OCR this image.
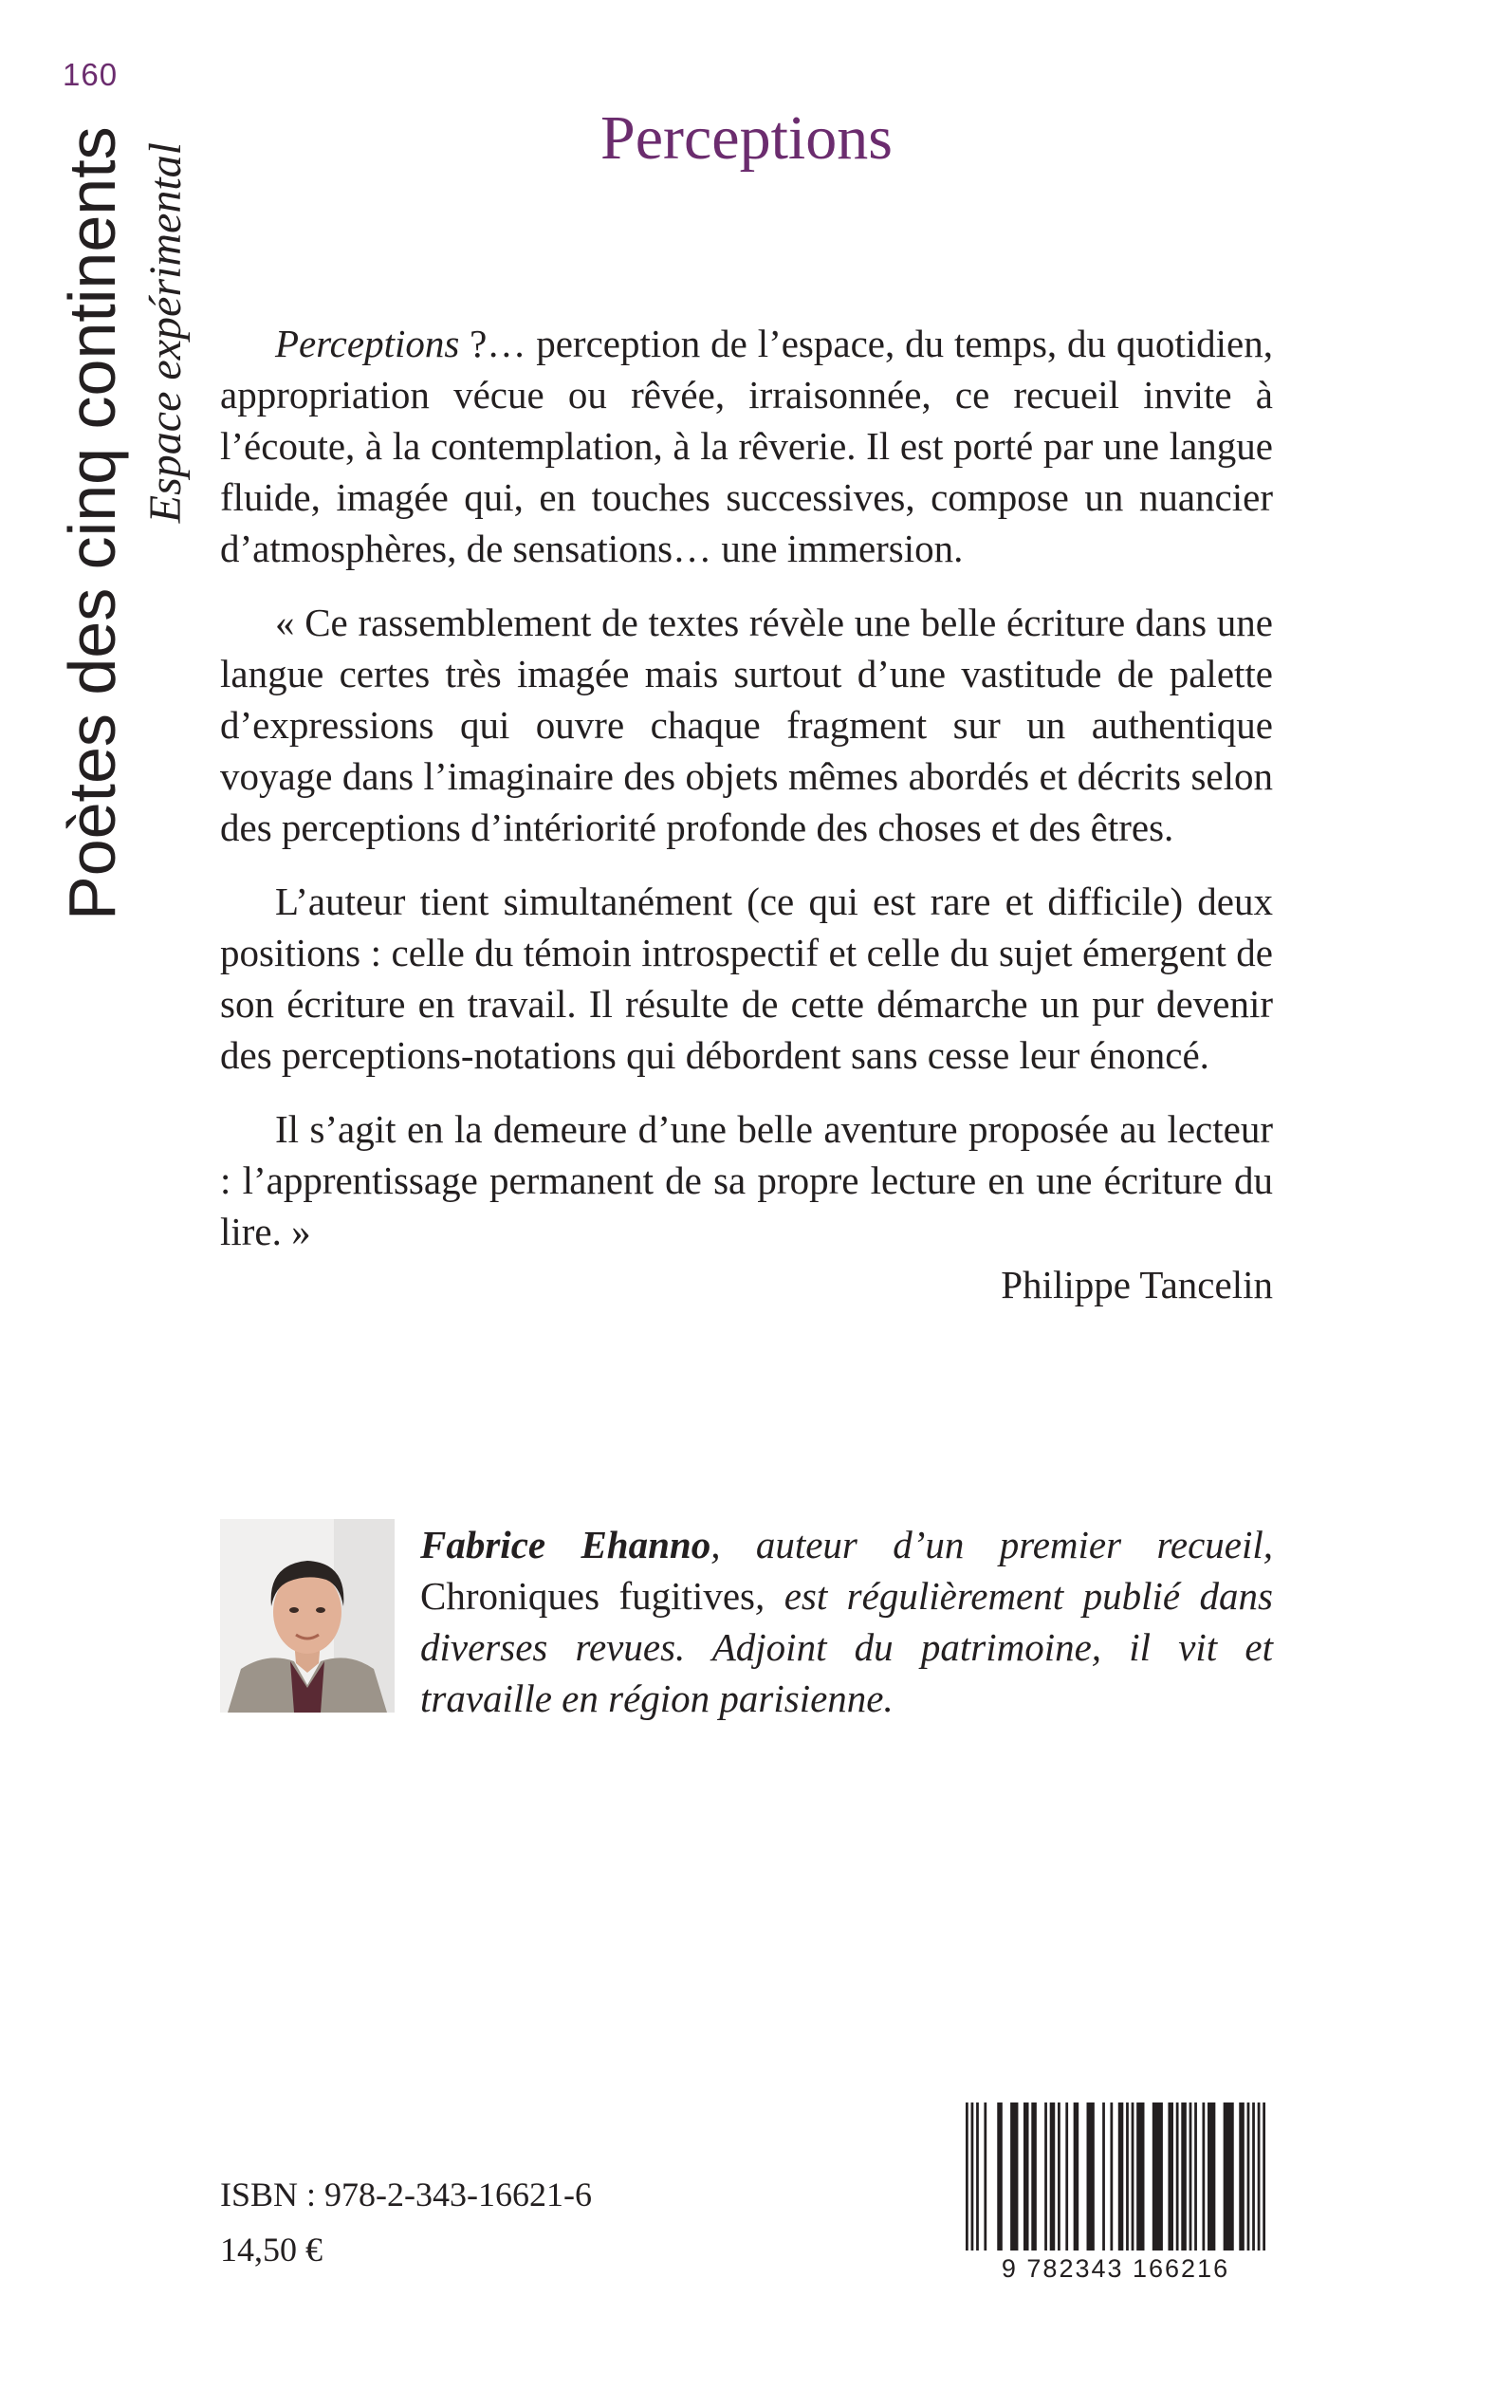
160
Poètes des cinq continents Espace expérimental
Perceptions

Perceptions ?… perception de l’espace, du temps, du quotidien, appropriation vécue ou rêvée, irraisonnée, ce recueil invite à l’écoute, à la contemplation, à la rêverie. Il est porté par une langue fluide, imagée qui, en touches successives, compose un nuancier d’atmosphères, de sensations… une immersion.

« Ce rassemblement de textes révèle une belle écriture dans une langue certes très imagée mais surtout d’une vastitude de palette d’expressions qui ouvre chaque fragment sur un authentique voyage dans l’imaginaire des objets mêmes abordés et décrits selon des perceptions d’intériorité profonde des choses et des êtres.

L’auteur tient simultanément (ce qui est rare et difficile) deux positions : celle du témoin introspectif et celle du sujet émergent de son écriture en travail. Il résulte de cette démarche un pur devenir des perceptions-notations qui débordent sans cesse leur énoncé.

Il s’agit en la demeure d’une belle aventure proposée au lecteur : l’apprentissage permanent de sa propre lecture en une écriture du lire. »

Philippe Tancelin

Fabrice Ehanno, auteur d’un premier recueil, Chroniques fugitives, est régulièrement publié dans diverses revues. Adjoint du patrimoine, il vit et travaille en région parisienne.
ISBN : 978-2-343-16621-6
14,50 €	9 782343 166216
